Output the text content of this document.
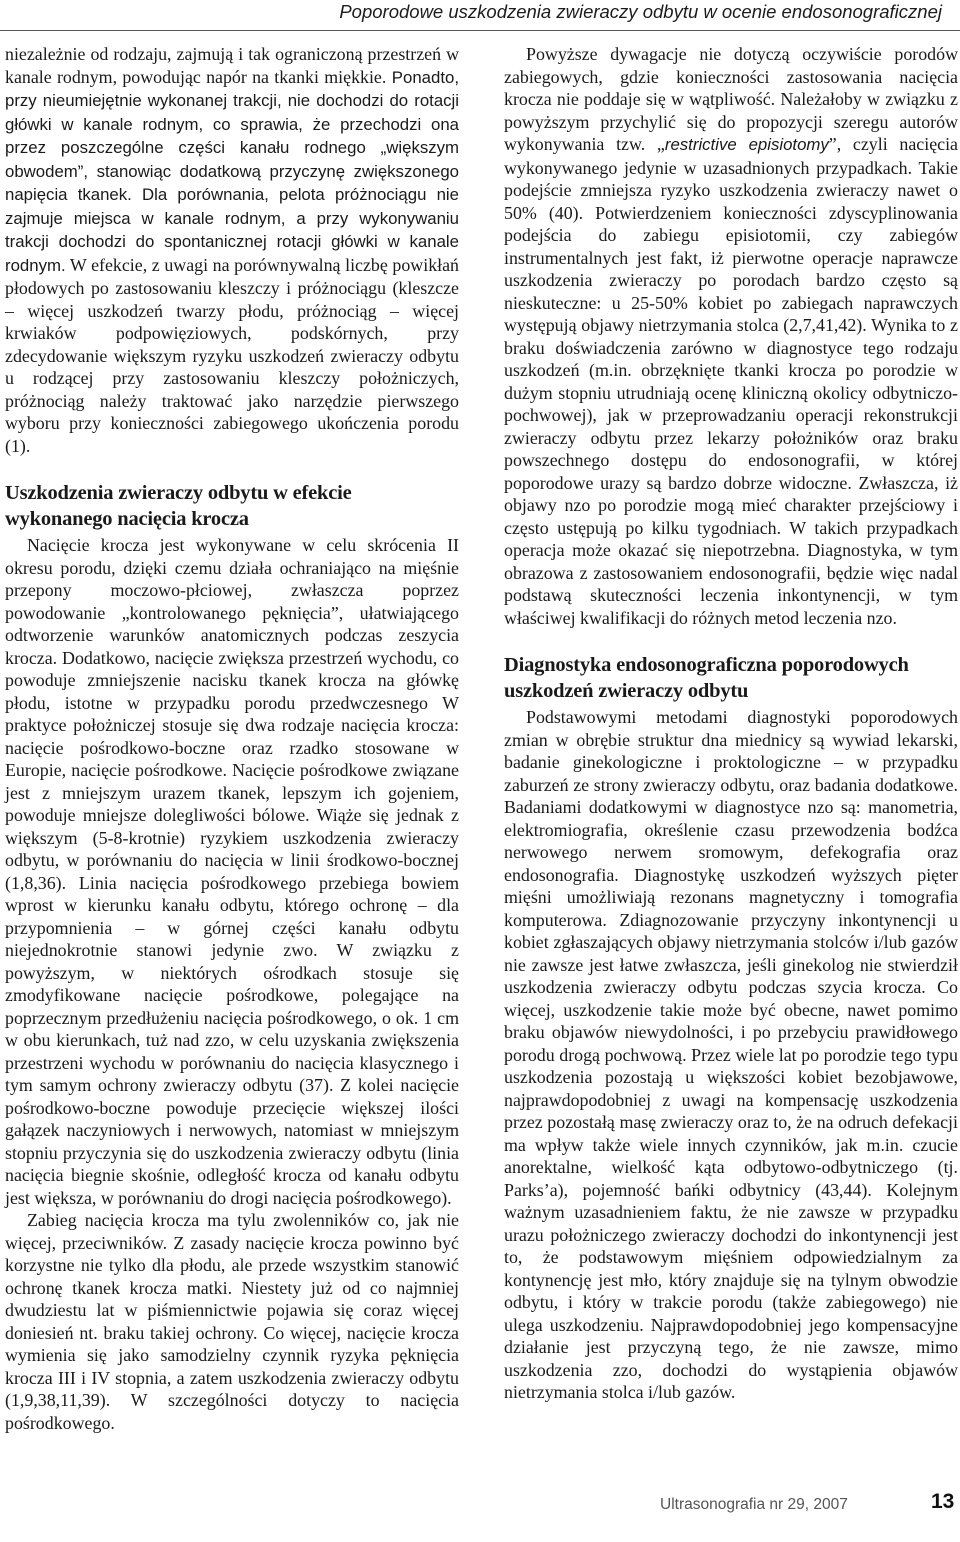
Poporodowe uszkodzenia zwieraczy odbytu w ocenie endosonograficznej

niezależnie od rodzaju, zajmują i tak ograniczoną przestrzeń w kanale rodnym, powodując napór na tkanki miękkie. Ponadto, przy nieumiejętnie wykonanej trakcji, nie dochodzi do rotacji główki w kanale rodnym, co sprawia, że przechodzi ona przez poszczególne części kanału rodnego „większym obwodem”, stanowiąc dodatkową przyczynę zwiększonego napięcia tkanek. Dla porównania, pelota próżnociągu nie zajmuje miejsca w kanale rodnym, a przy wykonywaniu trakcji dochodzi do spontanicznej rotacji główki w kanale rodnym. W efekcie, z uwagi na porównywalną liczbę powikłań płodowych po zastosowaniu kleszczy i próżnociągu (kleszcze – więcej uszkodzeń twarzy płodu, próżnociąg – więcej krwiaków podpowięziowych, podskórnych, przy zdecydowanie większym ryzyku uszkodzeń zwieraczy odbytu u rodzącej przy zastosowaniu kleszczy położniczych, próżnociąg należy traktować jako narzędzie pierwszego wyboru przy konieczności zabiegowego ukończenia porodu (1).

Uszkodzenia zwieraczy odbytu w efekcie wykonanego nacięcia krocza

Nacięcie krocza jest wykonywane w celu skrócenia II okresu porodu, dzięki czemu działa ochraniająco na mięśnie przepony moczowo-płciowej, zwłaszcza poprzez powodowanie „kontrolowanego pęknięcia”, ułatwiającego odtworzenie warunków anatomicznych podczas zeszycia krocza. Dodatkowo, nacięcie zwiększa przestrzeń wychodu, co powoduje zmniejszenie nacisku tkanek krocza na główkę płodu, istotne w przypadku porodu przedwczesnego W praktyce położniczej stosuje się dwa rodzaje nacięcia krocza: nacięcie pośrodkowo-boczne oraz rzadko stosowane w Europie, nacięcie pośrodkowe. Nacięcie pośrodkowe związane jest z mniejszym urazem tkanek, lepszym ich gojeniem, powoduje mniejsze dolegliwości bólowe. Wiąże się jednak z większym (5-8-krotnie) ryzykiem uszkodzenia zwieraczy odbytu, w porównaniu do nacięcia w linii środkowo-bocznej (1,8,36). Linia nacięcia pośrodkowego przebiega bowiem wprost w kierunku kanału odbytu, którego ochronę – dla przypomnienia – w górnej części kanału odbytu niejednokrotnie stanowi jedynie zwo. W związku z powyższym, w niektórych ośrodkach stosuje się zmodyfikowane nacięcie pośrodkowe, polegające na poprzecznym przedłużeniu nacięcia pośrodkowego, o ok. 1 cm w obu kierunkach, tuż nad zzo, w celu uzyskania zwiększenia przestrzeni wychodu w porównaniu do nacięcia klasycznego i tym samym ochrony zwieraczy odbytu (37). Z kolei nacięcie pośrodkowo-boczne powoduje przecięcie większej ilości gałązek naczyniowych i nerwowych, natomiast w mniejszym stopniu przyczynia się do uszkodzenia zwieraczy odbytu (linia nacięcia biegnie skośnie, odległość krocza od kanału odbytu jest większa, w porównaniu do drogi nacięcia pośrodkowego).

Zabieg nacięcia krocza ma tylu zwolenników co, jak nie więcej, przeciwników. Z zasady nacięcie krocza powinno być korzystne nie tylko dla płodu, ale przede wszystkim stanowić ochronę tkanek krocza matki. Niestety już od co najmniej dwudziestu lat w piśmiennictwie pojawia się coraz więcej doniesień nt. braku takiej ochrony. Co więcej, nacięcie krocza wymienia się jako samodzielny czynnik ryzyka pęknięcia krocza III i IV stopnia, a zatem uszkodzenia zwieraczy odbytu (1,9,38,11,39). W szczególności dotyczy to nacięcia pośrodkowego.

Powyższe dywagacje nie dotyczą oczywiście porodów zabiegowych, gdzie konieczności zastosowania nacięcia krocza nie poddaje się w wątpliwość. Należałoby w związku z powyższym przychylić się do propozycji szeregu autorów wykonywania tzw. „restrictive episiotomy”, czyli nacięcia wykonywanego jedynie w uzasadnionych przypadkach. Takie podejście zmniejsza ryzyko uszkodzenia zwieraczy nawet o 50% (40). Potwierdzeniem konieczności zdyscyplinowania podejścia do zabiegu episiotomii, czy zabiegów instrumentalnych jest fakt, iż pierwotne operacje naprawcze uszkodzenia zwieraczy po porodach bardzo często są nieskuteczne: u 25-50% kobiet po zabiegach naprawczych występują objawy nietrzymania stolca (2,7,41,42). Wynika to z braku doświadczenia zarówno w diagnostyce tego rodzaju uszkodzeń (m.in. obrzęknięte tkanki krocza po porodzie w dużym stopniu utrudniają ocenę kliniczną okolicy odbytniczo-pochwowej), jak w przeprowadzaniu operacji rekonstrukcji zwieraczy odbytu przez lekarzy położników oraz braku powszechnego dostępu do endosonografii, w której poporodowe urazy są bardzo dobrze widoczne. Zwłaszcza, iż objawy nzo po porodzie mogą mieć charakter przejściowy i często ustępują po kilku tygodniach. W takich przypadkach operacja może okazać się niepotrzebna. Diagnostyka, w tym obrazowa z zastosowaniem endosonografii, będzie więc nadal podstawą skuteczności leczenia inkontynencji, w tym właściwej kwalifikacji do różnych metod leczenia nzo.

Diagnostyka endosonograficzna poporodowych uszkodzeń zwieraczy odbytu

Podstawowymi metodami diagnostyki poporodowych zmian w obrębie struktur dna miednicy są wywiad lekarski, badanie ginekologiczne i proktologiczne – w przypadku zaburzeń ze strony zwieraczy odbytu, oraz badania dodatkowe. Badaniami dodatkowymi w diagnostyce nzo są: manometria, elektromiografia, określenie czasu przewodzenia bodźca nerwowego nerwem sromowym, defekografia oraz endosonografia. Diagnostykę uszkodzeń wyższych pięter mięśni umożliwiają rezonans magnetyczny i tomografia komputerowa. Zdiagnozowanie przyczyny inkontynencji u kobiet zgłaszających objawy nietrzymania stolców i/lub gazów nie zawsze jest łatwe zwłaszcza, jeśli ginekolog nie stwierdził uszkodzenia zwieraczy odbytu podczas szycia krocza. Co więcej, uszkodzenie takie może być obecne, nawet pomimo braku objawów niewydolności, i po przebyciu prawidłowego porodu drogą pochwową. Przez wiele lat po porodzie tego typu uszkodzenia pozostają u większości kobiet bezobjawowe, najprawdopodobniej z uwagi na kompensację uszkodzenia przez pozostałą masę zwieraczy oraz to, że na odruch defekacji ma wpływ także wiele innych czynników, jak m.in. czucie anorektalne, wielkość kąta odbytowo-odbytniczego (tj. Parks’a), pojemność bańki odbytnicy (43,44). Kolejnym ważnym uzasadnieniem faktu, że nie zawsze w przypadku urazu położniczego zwieraczy dochodzi do inkontynencji jest to, że podstawowym mięśniem odpowiedzialnym za kontynencję jest mło, który znajduje się na tylnym obwodzie odbytu, i który w trakcie porodu (także zabiegowego) nie ulega uszkodzeniu. Najprawdopodobniej jego kompensacyjne działanie jest przyczyną tego, że nie zawsze, mimo uszkodzenia zzo, dochodzi do wystąpienia objawów nietrzymania stolca i/lub gazów.

Ultrasonografia nr 29, 2007	13
